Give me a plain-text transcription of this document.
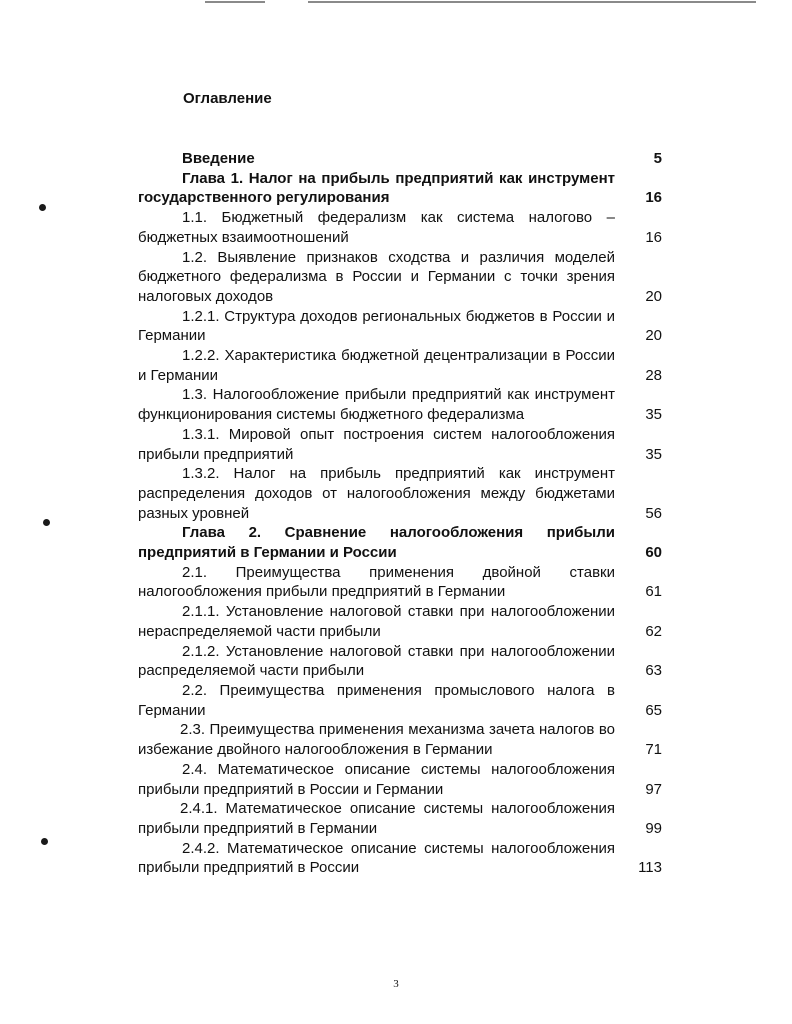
Оглавление
Введение	5
Глава 1. Налог на прибыль предприятий как инструмент государственного регулирования	16
1.1. Бюджетный федерализм как система налогово – бюджетных взаимоотношений	16
1.2. Выявление признаков сходства и различия моделей бюджетного федерализма в России и Германии с точки зрения налоговых доходов	20
1.2.1. Структура доходов региональных бюджетов в России и Германии	20
1.2.2. Характеристика бюджетной децентрализации в России и Германии	28
1.3. Налогообложение прибыли предприятий как инструмент функционирования системы бюджетного федерализма	35
1.3.1. Мировой опыт построения систем налогообложения прибыли предприятий	35
1.3.2. Налог на прибыль предприятий как инструмент распределения доходов от налогообложения между бюджетами разных уровней	56
Глава 2. Сравнение налогообложения прибыли предприятий в Германии и России	60
2.1. Преимущества применения двойной ставки налогообложения прибыли предприятий в Германии	61
2.1.1. Установление налоговой ставки при налогообложении нераспределяемой части прибыли	62
2.1.2. Установление налоговой ставки при налогообложении распределяемой части прибыли	63
2.2. Преимущества применения промыслового налога в Германии	65
2.3. Преимущества применения механизма зачета налогов во избежание двойного налогообложения в Германии	71
2.4. Математическое описание системы налогообложения прибыли предприятий в России и Германии	97
2.4.1. Математическое описание системы налогообложения прибыли предприятий в Германии	99
2.4.2. Математическое описание системы налогообложения прибыли предприятий в России	113
3
